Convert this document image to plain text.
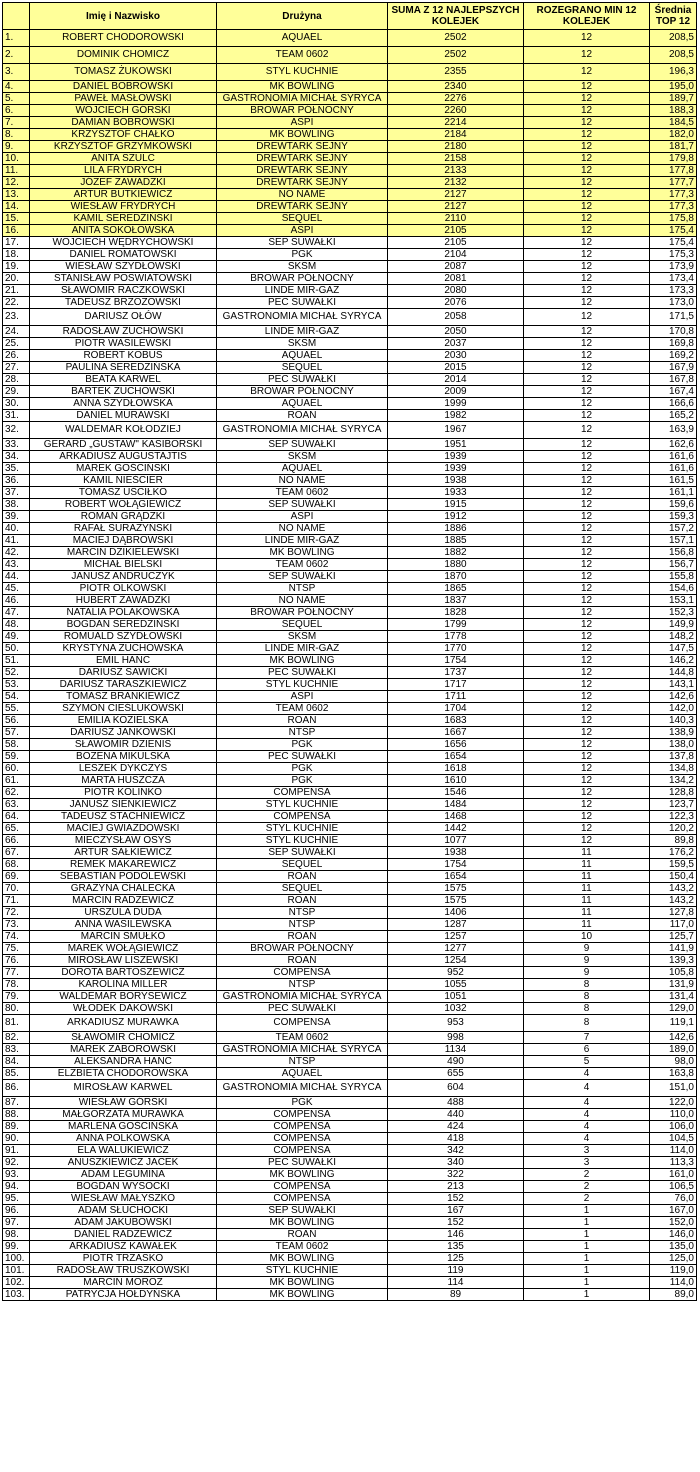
	Imię i Nazwisko	Drużyna	SUMA Z 12 NAJLEPSZYCH KOLEJEK	ROZEGRANO MIN 12 KOLEJEK	Średnia TOP 12
1.	ROBERT CHODOROWSKI	AQUAEL	2502	12	208,5
2.	DOMINIK CHOMICZ	TEAM 0602	2502	12	208,5
3.	TOMASZ ŻUKOWSKI	STYL KUCHNIE	2355	12	196,3
4.	DANIEL BOBROWSKI	MK BOWLING	2340	12	195,0
5.	PAWEŁ MASŁOWSKI	GASTRONOMIA MICHAŁ SYRYCA	2276	12	189,7
6.	WOJCIECH GÓRSKI	BROWAR PÓŁNOCNY	2260	12	188,3
7.	DAMIAN BOBROWSKI	ASPI	2214	12	184,5
8.	KRZYSZTOF CHAŁKO	MK BOWLING	2184	12	182,0
9.	KRZYSZTOF GRZYMKOWSKI	DREWTARK SEJNY	2180	12	181,7
10.	ANITA SZULC	DREWTARK SEJNY	2158	12	179,8
11.	LILA FRYDRYCH	DREWTARK SEJNY	2133	12	177,8
12.	JÓZEF ZAWADZKI	DREWTARK SEJNY	2132	12	177,7
13.	ARTUR BUTKIEWICZ	NO NAME	2127	12	177,3
14.	WIESŁAW FRYDRYCH	DREWTARK SEJNY	2127	12	177,3
15.	KAMIL SEREDZIŃSKI	SEQUEL	2110	12	175,8
16.	ANITA SOKOŁOWSKA	ASPI	2105	12	175,4
17.	WOJCIECH WĘDRYCHOWSKI	SEP SUWAŁKI	2105	12	175,4
18.	DANIEL ROMATOWSKI	PGK	2104	12	175,3
19.	WIESŁAW SZYDŁOWSKI	SKSM	2087	12	173,9
20.	STANISŁAW POSWIATOWSKI	BROWAR PÓŁNOCNY	2081	12	173,4
21.	SŁAWOMIR RACZKOWSKI	LINDE MIR-GAZ	2080	12	173,3
22.	TADEUSZ BRZOZOWSKI	PEC SUWAŁKI	2076	12	173,0
23.	DARIUSZ OŁÓW	GASTRONOMIA MICHAŁ SYRYCA	2058	12	171,5
24.	RADOSŁAW ŻUCHOWSKI	LINDE MIR-GAZ	2050	12	170,8
25.	PIOTR WASILEWSKI	SKSM	2037	12	169,8
26.	ROBERT KOBUS	AQUAEL	2030	12	169,2
27.	PAULINA SEREDZIŃSKA	SEQUEL	2015	12	167,9
28.	BEATA KARWEL	PEC SUWAŁKI	2014	12	167,8
29.	BARTEK ŻUCHOWSKI	BROWAR PÓŁNOCNY	2009	12	167,4
30.	ANNA SZYDŁOWSKA	AQUAEL	1999	12	166,6
31.	DANIEL MURAWSKI	ROAN	1982	12	165,2
32.	WALDEMAR KOŁODZIEJ	GASTRONOMIA MICHAŁ SYRYCA	1967	12	163,9
33.	GERARD „GUSTAW" KASIBORSKI	SEP SUWAŁKI	1951	12	162,6
34.	ARKADIUSZ AUGUSTAJTIS	SKSM	1939	12	161,6
35.	MAREK GOŚCIŃSKI	AQUAEL	1939	12	161,6
36.	KAMIL NIEŚCIER	NO NAME	1938	12	161,5
37.	TOMASZ USCIŁKO	TEAM 0602	1933	12	161,1
38.	ROBERT WOŁĄGIEWICZ	SEP SUWAŁKI	1915	12	159,6
39.	ROMAN GRĄDZKI	ASPI	1912	12	159,3
40.	RAFAŁ SURAŻYŃSKI	NO NAME	1886	12	157,2
41.	MACIEJ DĄBROWSKI	LINDE MIR-GAZ	1885	12	157,1
42.	MARCIN DZIKIELEWSKI	MK BOWLING	1882	12	156,8
43.	MICHAŁ BIELSKI	TEAM 0602	1880	12	156,7
44.	JANUSZ ANDRUCZYK	SEP SUWAŁKI	1870	12	155,8
45.	PIOTR OLKOWSKI	NTSP	1865	12	154,6
46.	HUBERT ZAWADZKI	NO NAME	1837	12	153,1
47.	NATALIA POLAKOWSKA	BROWAR PÓŁNOCNY	1828	12	152,3
48.	BOGDAN SEREDZIŃSKI	SEQUEL	1799	12	149,9
49.	ROMUALD SZYDŁOWSKI	SKSM	1778	12	148,2
50.	KRYSTYNA ŻUCHOWSKA	LINDE MIR-GAZ	1770	12	147,5
51.	EMIL HANC	MK BOWLING	1754	12	146,2
52.	DARIUSZ SAWICKI	PEC SUWAŁKI	1737	12	144,8
53.	DARIUSZ TARASZKIEWICZ	STYL KUCHNIE	1717	12	143,1
54.	TOMASZ BRANKIEWICZ	ASPI	1711	12	142,6
55.	SZYMON CIEŚLUKOWSKI	TEAM 0602	1704	12	142,0
56.	EMILIA KOZIELSKA	ROAN	1683	12	140,3
57.	DARIUSZ JANKOWSKI	NTSP	1667	12	138,9
58.	SŁAWOMIR DZIENIS	PGK	1656	12	138,0
59.	BOŻENA MIKULSKA	PEC SUWAŁKI	1654	12	137,8
60.	LESZEK DYKCZYS	PGK	1618	12	134,8
61.	MARTA HUSZCZA	PGK	1610	12	134,2
62.	PIOTR KOLINKO	COMPENSA	1546	12	128,8
63.	JANUSZ SIENKIEWICZ	STYL KUCHNIE	1484	12	123,7
64.	TADEUSZ STACHNIEWICZ	COMPENSA	1468	12	122,3
65.	MACIEJ GWIAZDOWSKI	STYL KUCHNIE	1442	12	120,2
66.	MIECZYSŁAW OSYS	STYL KUCHNIE	1077	12	89,8
67.	ARTUR SAŁKIEWICZ	SEP SUWAŁKI	1938	11	176,2
68.	REMEK MAKAREWICZ	SEQUEL	1754	11	159,5
69.	SEBASTIAN PODOLEWSKI	ROAN	1654	11	150,4
70.	GRAŻYNA CHALECKA	SEQUEL	1575	11	143,2
71.	MARCIN RADZEWICZ	ROAN	1575	11	143,2
72.	URSZULA DUDA	NTSP	1406	11	127,8
73.	ANNA WASILEWSKA	NTSP	1287	11	117,0
74.	MARCIN SMUŁKO	ROAN	1257	10	125,7
75.	MAREK WOŁĄGIEWICZ	BROWAR PÓŁNOCNY	1277	9	141,9
76.	MIROSŁAW LISZEWSKI	ROAN	1254	9	139,3
77.	DOROTA BARTOSZEWICZ	COMPENSA	952	9	105,8
78.	KAROLINA MILLER	NTSP	1055	8	131,9
79.	WALDEMAR BORYSEWICZ	GASTRONOMIA MICHAŁ SYRYCA	1051	8	131,4
80.	WŁODEK DAKOWSKI	PEC SUWAŁKI	1032	8	129,0
81.	ARKADIUSZ MURAWKA	COMPENSA	953	8	119,1
82.	SŁAWOMIR CHOMICZ	TEAM 0602	998	7	142,6
83.	MAREK ZABOROWSKI	GASTRONOMIA MICHAŁ SYRYCA	1134	6	189,0
84.	ALEKSANDRA HANC	NTSP	490	5	98,0
85.	ELŻBIETA CHODOROWSKA	AQUAEL	655	4	163,8
86.	MIROSŁAW KARWEL	GASTRONOMIA MICHAŁ SYRYCA	604	4	151,0
87.	WIESŁAW GÓRSKI	PGK	488	4	122,0
88.	MAŁGORZATA MURAWKA	COMPENSA	440	4	110,0
89.	MARLENA GOŚCIŃSKA	COMPENSA	424	4	106,0
90.	ANNA POLKOWSKA	COMPENSA	418	4	104,5
91.	ELA WALUKIEWICZ	COMPENSA	342	3	114,0
92.	ANUSZKIEWICZ JACEK	PEC SUWAŁKI	340	3	113,3
93.	ADAM LEGUMINA	MK BOWLING	322	2	161,0
94.	BOGDAN WYSOCKI	COMPENSA	213	2	106,5
95.	WIESŁAW MAŁYSZKO	COMPENSA	152	2	76,0
96.	ADAM SŁUCHOCKI	SEP SUWAŁKI	167	1	167,0
97.	ADAM JAKUBOWSKI	MK BOWLING	152	1	152,0
98.	DANIEL RADZEWICZ	ROAN	146	1	146,0
99.	ARKADIUSZ KAWAŁEK	TEAM 0602	135	1	135,0
100.	PIOTR TRZASKO	MK BOWLING	125	1	125,0
101.	RADOSŁAW TRUSZKOWSKI	STYL KUCHNIE	119	1	119,0
102.	MARCIN MOROZ	MK BOWLING	114	1	114,0
103.	PATRYCJA HOŁDYŃSKA	MK BOWLING	89	1	89,0
